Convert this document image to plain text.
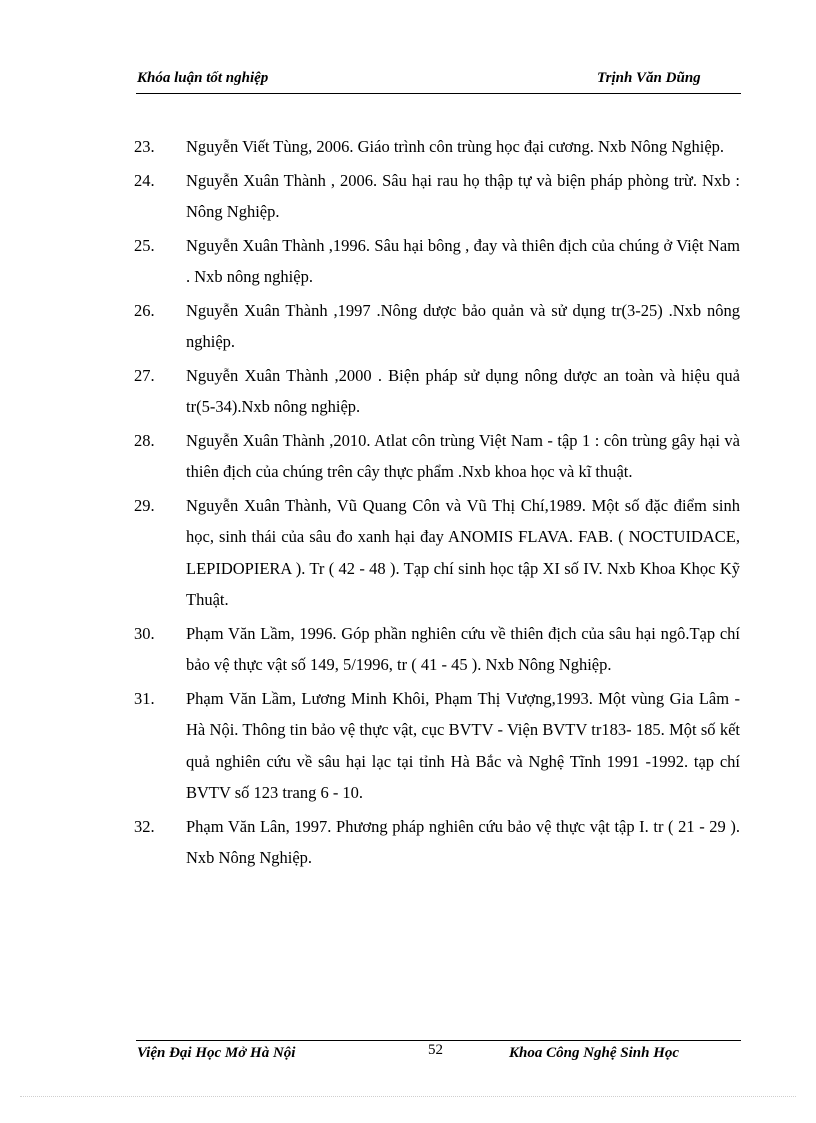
Khóa luận tốt nghiệp	Trịnh Văn Dũng
23. Nguyễn Viết Tùng, 2006. Giáo trình côn trùng học đại cương. Nxb Nông Nghiệp.
24. Nguyễn Xuân Thành , 2006. Sâu hại rau họ thập tự và biện pháp phòng trừ. Nxb : Nông Nghiệp.
25. Nguyễn Xuân Thành ,1996. Sâu hại bông , đay và thiên địch của chúng ở Việt Nam . Nxb nông nghiệp.
26. Nguyễn Xuân Thành ,1997 .Nông dược bảo quản và sử dụng tr(3-25) .Nxb nông nghiệp.
27. Nguyễn Xuân Thành ,2000 . Biện pháp sử dụng nông dược an toàn và hiệu quả tr(5-34).Nxb nông nghiệp.
28. Nguyễn Xuân Thành ,2010. Atlat côn trùng Việt Nam - tập 1 : côn trùng gây hại và thiên địch của chúng trên cây thực phẩm .Nxb khoa học và kĩ thuật.
29. Nguyễn Xuân Thành, Vũ Quang Côn và Vũ Thị Chí,1989. Một số đặc điểm sinh học, sinh thái của sâu đo xanh hại đay ANOMIS FLAVA. FAB. ( NOCTUIDACE, LEPIDOPIERA ). Tr ( 42 - 48 ). Tạp chí sinh học tập XI số IV. Nxb Khoa Khọc Kỹ Thuật.
30. Phạm Văn Lầm, 1996. Góp phần nghiên cứu về thiên địch của sâu hại ngô.Tạp chí bảo vệ thực vật số 149, 5/1996, tr ( 41 - 45 ). Nxb Nông Nghiệp.
31. Phạm Văn Lầm, Lương Minh Khôi, Phạm Thị Vượng,1993. Một vùng Gia Lâm - Hà Nội. Thông tin bảo vệ thực vật, cục BVTV - Viện BVTV tr183- 185. Một số kết quả nghiên cứu về sâu hại lạc tại tỉnh Hà Bắc và Nghệ Tĩnh 1991 -1992. tạp chí BVTV số 123 trang 6 - 10.
32. Phạm Văn Lân, 1997. Phương pháp nghiên cứu bảo vệ thực vật tập I. tr ( 21 - 29 ). Nxb Nông Nghiệp.
Viện Đại Học Mở Hà Nội	52	Khoa Công Nghệ Sinh Học
